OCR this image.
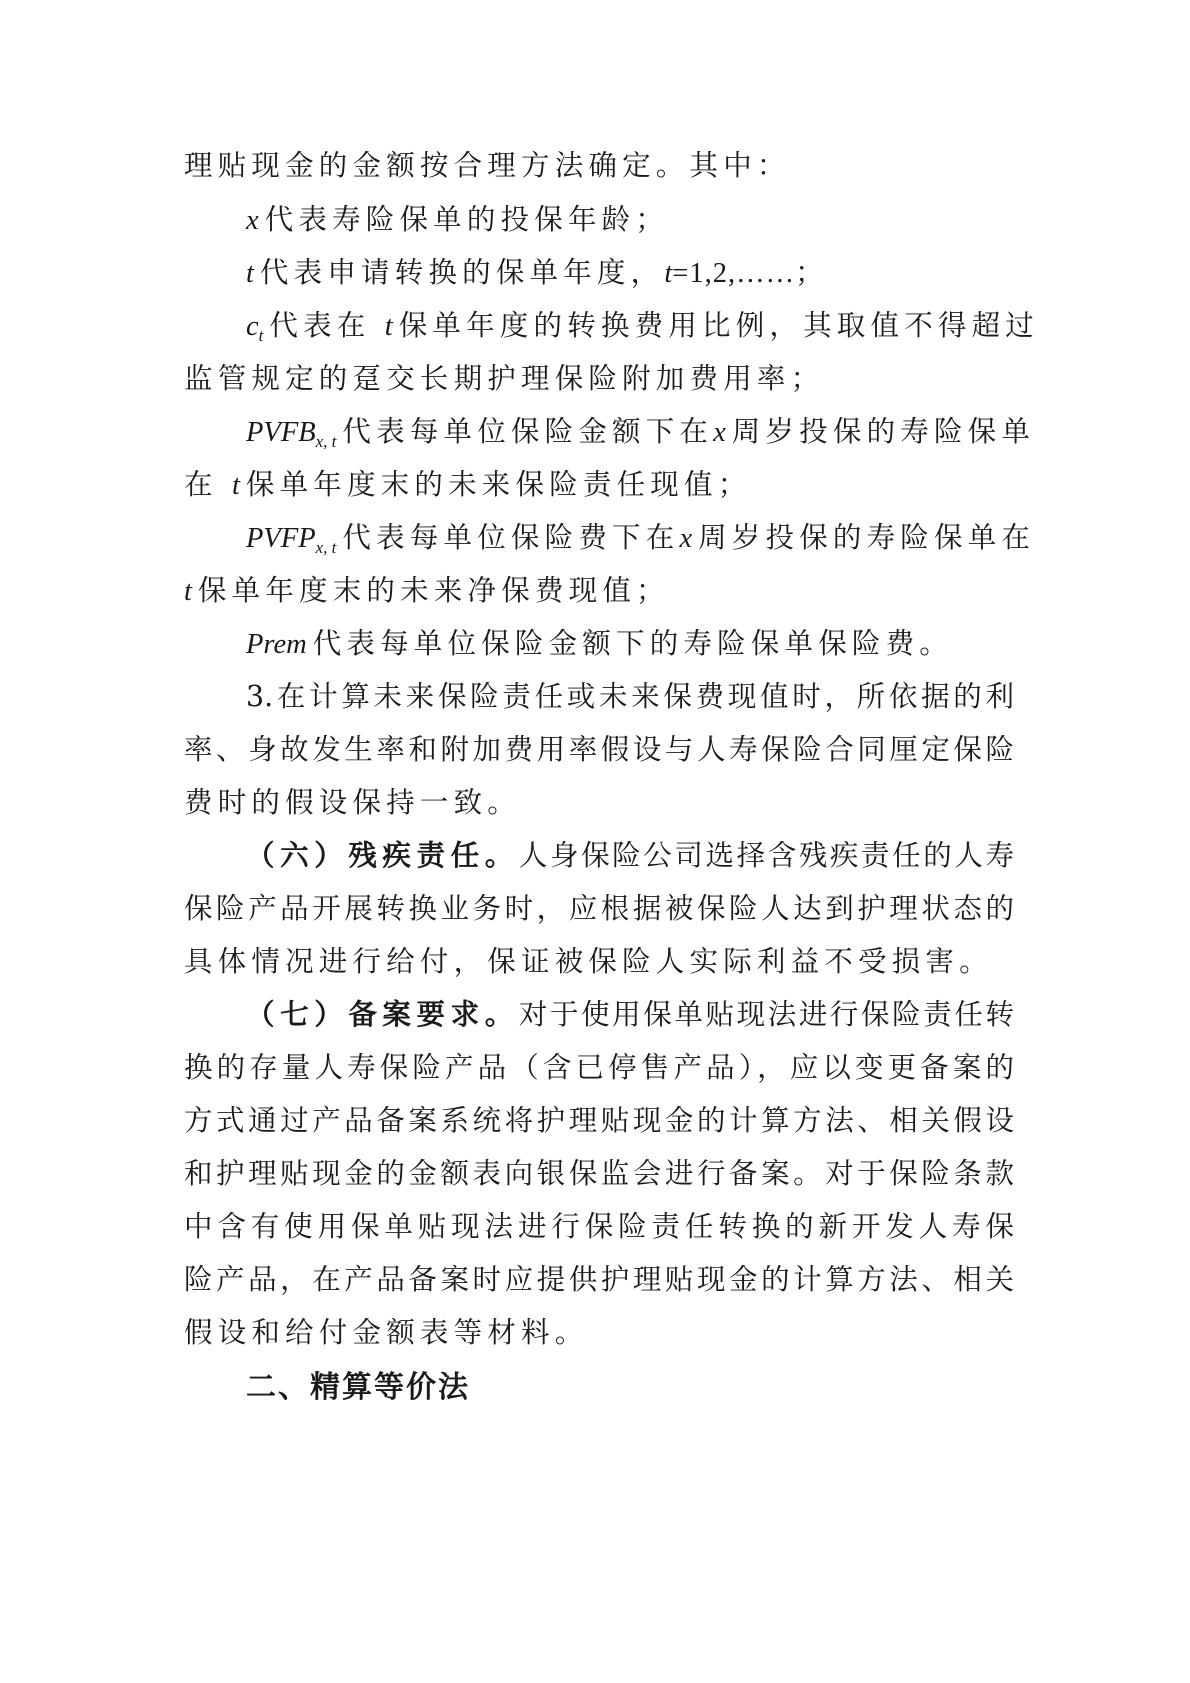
理贴现金的金额按合理方法确定。其中：
x 代表寿险保单的投保年龄；
t 代表申请转换的保单年度，t=1,2,……；
$c_t$ 代表在 t 保单年度的转换费用比例，其取值不得超过
监管规定的趸交长期护理保险附加费用率；
$PVFB_{x, t}$ 代表每单位保险金额下在x 周岁投保的寿险保单
在 t 保单年度末的未来保险责任现值；
$PVFP_{x, t}$ 代表每单位保险费下在x 周岁投保的寿险保单在
t 保单年度末的未来净保费现值；
Prem 代表每单位保险金额下的寿险保单保险费。
3.在计算未来保险责任或未来保费现值时，所依据的利
率、身故发生率和附加费用率假设与人寿保险合同厘定保险
费时的假设保持一致。
（六）残疾责任。人身保险公司选择含残疾责任的人寿
保险产品开展转换业务时，应根据被保险人达到护理状态的
具体情况进行给付，保证被保险人实际利益不受损害。
（七）备案要求。对于使用保单贴现法进行保险责任转
换的存量人寿保险产品（含已停售产品），应以变更备案的
方式通过产品备案系统将护理贴现金的计算方法、相关假设
和护理贴现金的金额表向银保监会进行备案。对于保险条款
中含有使用保单贴现法进行保险责任转换的新开发人寿保
险产品，在产品备案时应提供护理贴现金的计算方法、相关
假设和给付金额表等材料。
二、精算等价法
